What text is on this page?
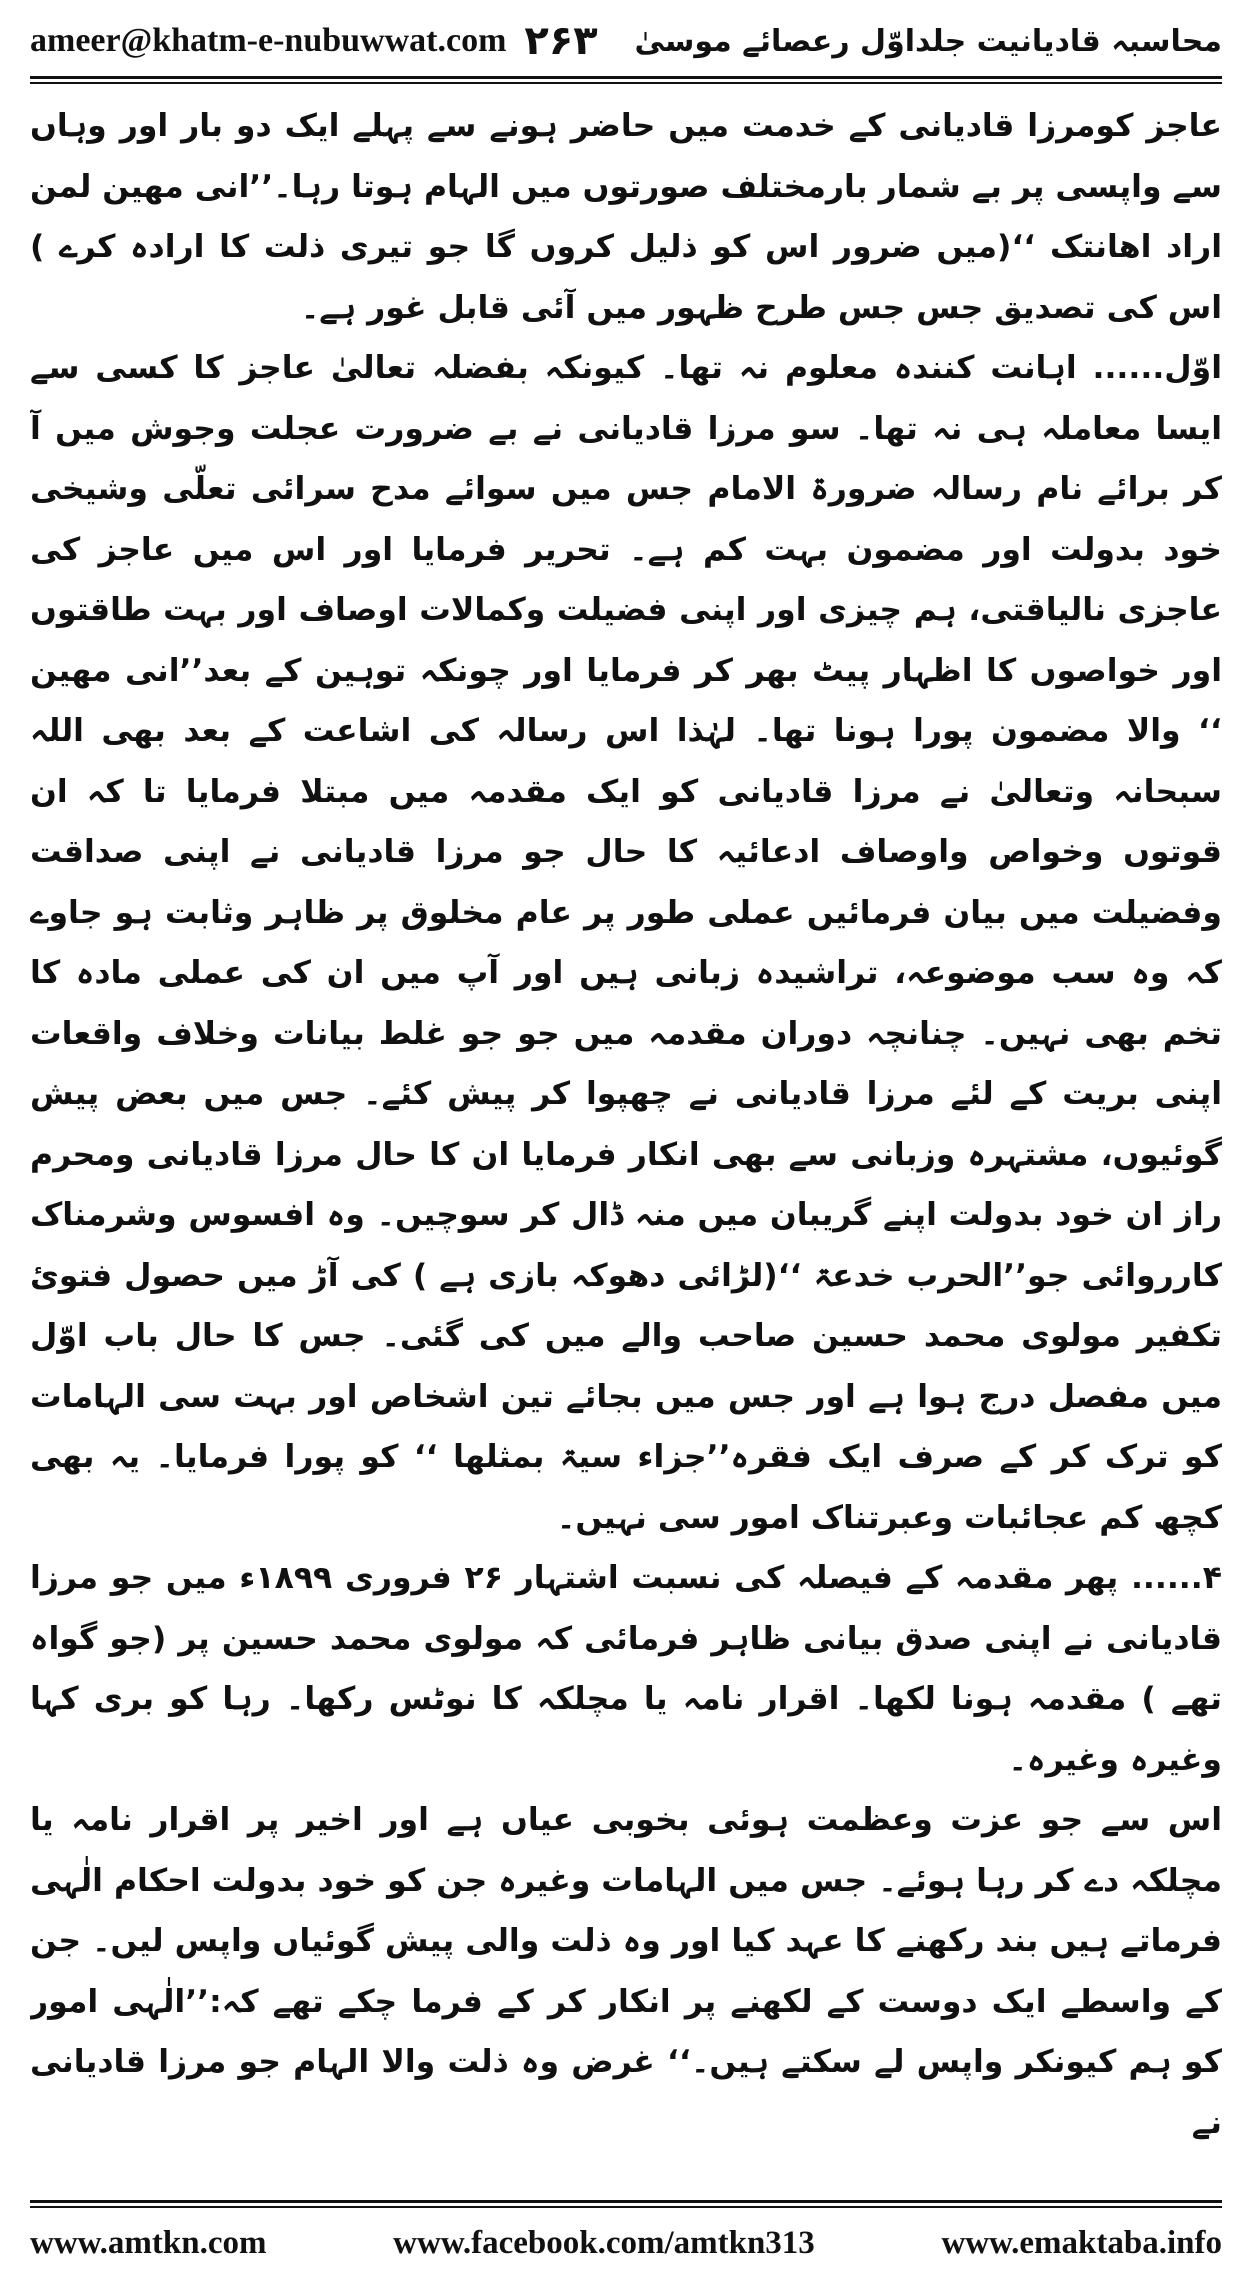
ameer@khatm-e-nubuwwat.com ۲۶۳ محاسبہ قادیانیت جلداوّل رعصائے موسیٰ

عاجز کومرزا قادیانی کے خدمت میں حاضر ہونے سے پہلے ایک دو بار اور وہاں سے واپسی پر بے شمار بارمختلف صورتوں میں الہام ہوتا رہا۔’’انی مھین لمن اراد اھانتک ‘‘(میں ضرور اس کو ذلیل کروں گا جو تیری ذلت کا ارادہ کرے ) اس کی تصدیق جس جس طرح ظہور میں آئی قابل غور ہے۔

اوّل...... اہانت کنندہ معلوم نہ تھا۔ کیونکہ بفضلہ تعالیٰ عاجز کا کسی سے ایسا معاملہ ہی نہ تھا۔ سو مرزا قادیانی نے بے ضرورت عجلت وجوش میں آ کر برائے نام رسالہ ضرورۃ الامام جس میں سوائے مدح سرائی تعلّی وشیخی خود بدولت اور مضمون بہت کم ہے۔ تحریر فرمایا اور اس میں عاجز کی عاجزی نالیاقتی، ہم چیزی اور اپنی فضیلت وکمالات اوصاف اور بہت طاقتوں اور خواصوں کا اظہار پیٹ بھر کر فرمایا اور چونکہ توہین کے بعد’’انی مھین ‘‘ والا مضمون پورا ہونا تھا۔ لہٰذا اس رسالہ کی اشاعت کے بعد بھی اللہ سبحانہ وتعالیٰ نے مرزا قادیانی کو ایک مقدمہ میں مبتلا فرمایا تا کہ ان قوتوں وخواص واوصاف ادعائیہ کا حال جو مرزا قادیانی نے اپنی صداقت وفضیلت میں بیان فرمائیں عملی طور پر عام مخلوق پر ظاہر وثابت ہو جاوے کہ وہ سب موضوعہ، تراشیدہ زبانی ہیں اور آپ میں ان کی عملی مادہ کا تخم بھی نہیں۔ چنانچہ دوران مقدمہ میں جو جو غلط بیانات وخلاف واقعات اپنی بریت کے لئے مرزا قادیانی نے چھپوا کر پیش کئے۔ جس میں بعض پیش گوئیوں، مشتہرہ وزبانی سے بھی انکار فرمایا ان کا حال مرزا قادیانی ومحرم راز ان خود بدولت اپنے گریبان میں منہ ڈال کر سوچیں۔ وہ افسوس وشرمناک کارروائی جو’’الحرب خدعۃ ‘‘(لڑائی دھوکہ بازی ہے ) کی آڑ میں حصول فتوئ تکفیر مولوی محمد حسین صاحب والے میں کی گئی۔ جس کا حال باب اوّل میں مفصل درج ہوا ہے اور جس میں بجائے تین اشخاص اور بہت سی الہامات کو ترک کر کے صرف ایک فقرہ’’جزاء سیۃ بمثلھا ‘‘ کو پورا فرمایا۔ یہ بھی کچھ کم عجائبات وعبرتناک امور سی نہیں۔

۴...... پھر مقدمہ کے فیصلہ کی نسبت اشتہار ۲۶ فروری ۱۸۹۹ء میں جو مرزا قادیانی نے اپنی صدق بیانی ظاہر فرمائی کہ مولوی محمد حسین پر (جو گواہ تھے ) مقدمہ ہونا لکھا۔ اقرار نامہ یا مچلکہ کا نوٹس رکھا۔ رہا کو بری کہا وغیرہ وغیرہ۔

اس سے جو عزت وعظمت ہوئی بخوبی عیاں ہے اور اخیر پر اقرار نامہ یا مچلکہ دے کر رہا ہوئے۔ جس میں الہامات وغیرہ جن کو خود بدولت احکام الٰہی فرماتے ہیں بند رکھنے کا عہد کیا اور وہ ذلت والی پیش گوئیاں واپس لیں۔ جن کے واسطے ایک دوست کے لکھنے پر انکار کر کے فرما چکے تھے کہ:’’الٰہی امور کو ہم کیونکر واپس لے سکتے ہیں۔‘‘ غرض وہ ذلت والا الہام جو مرزا قادیانی نے

www.amtkn.com	www.facebook.com/amtkn313	www.emaktaba.info
